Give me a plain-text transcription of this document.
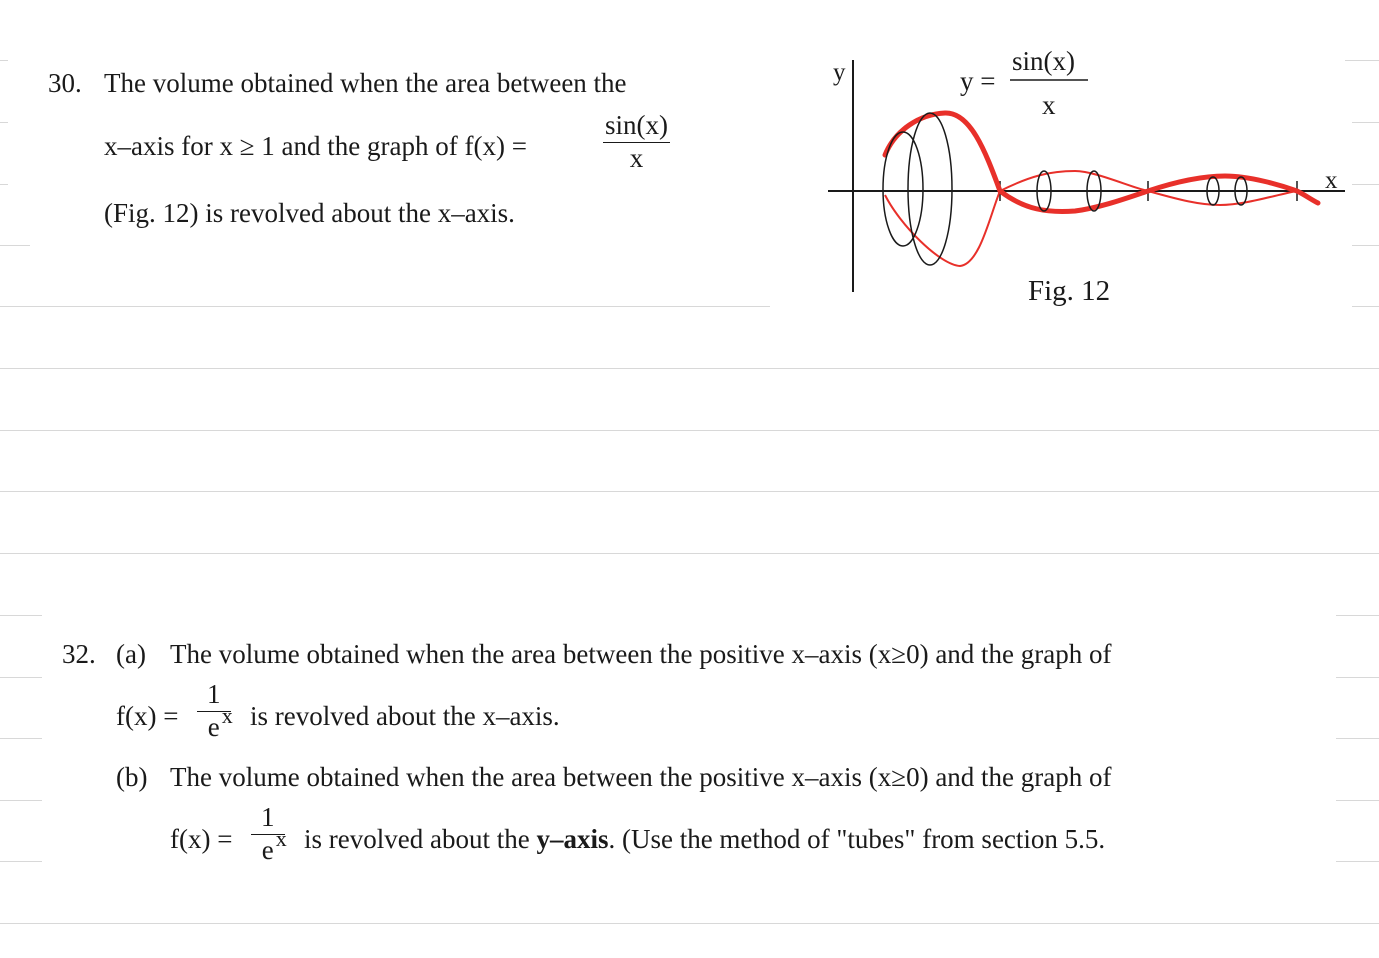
30. The volume obtained when the area between the
x–axis for x ≥ 1 and the graph of f(x) =	$\frac{\sin(x)}{x}$
(Fig. 12) is revolved about the x–axis.
y
x
y =
sin(x)
x
Fig. 12
32. (a) The volume obtained when the area between the positive x–axis (x≥0) and the graph of
$f(x) = \frac{1}{\text{e x}}$ is revolved about the x–axis.
(b) The volume obtained when the area between the positive x–axis (x≥0) and the graph of
$f(x) = \frac{1}{\text{e x}}$ is revolved about the y–axis. (Use the method of "tubes" from section 5.5.
